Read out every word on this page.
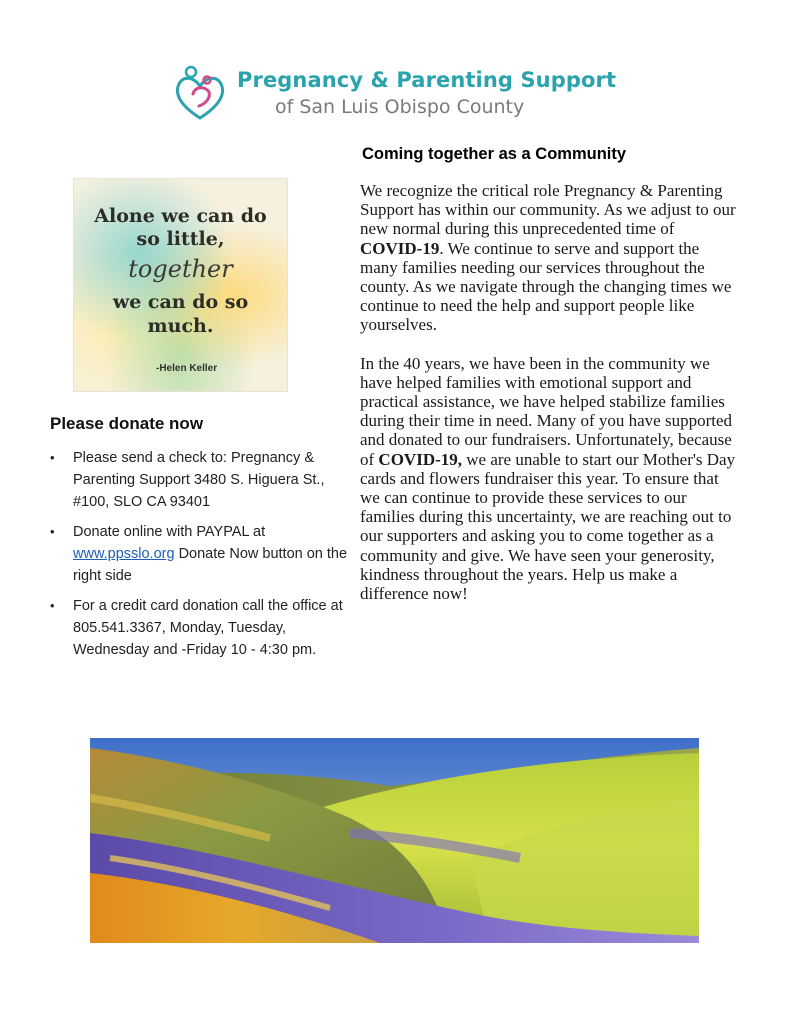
Pregnancy & Parenting Support
of San Luis Obispo County
Alone we can do
so little,
together
we can do so
much.
-Helen Keller
Please donate now
• Please send a check to: Pregnancy & Parenting Support 3480 S. Higuera St., #100, SLO CA 93401
• Donate online with PAYPAL at www.ppsslo.org Donate Now button on the right side
• For a credit card donation call the office at 805.541.3367, Monday, Tuesday, Wednesday and -Friday 10 - 4:30 pm.
Coming together as a Community

We recognize the critical role Pregnancy & Parenting Support has within our community. As we adjust to our new normal during this unprecedented time of COVID-19. We continue to serve and support the many families needing our services throughout the county. As we navigate through the changing times we continue to need the help and support people like yourselves.

In the 40 years, we have been in the community we have helped families with emotional support and practical assistance, we have helped stabilize families during their time in need. Many of you have supported and donated to our fundraisers. Unfortunately, because of COVID-19, we are unable to start our Mother's Day cards and flowers fundraiser this year. To ensure that we can continue to provide these services to our families during this uncertainty, we are reaching out to our supporters and asking you to come together as a community and give. We have seen your generosity, kindness throughout the years. Help us make a difference now!
